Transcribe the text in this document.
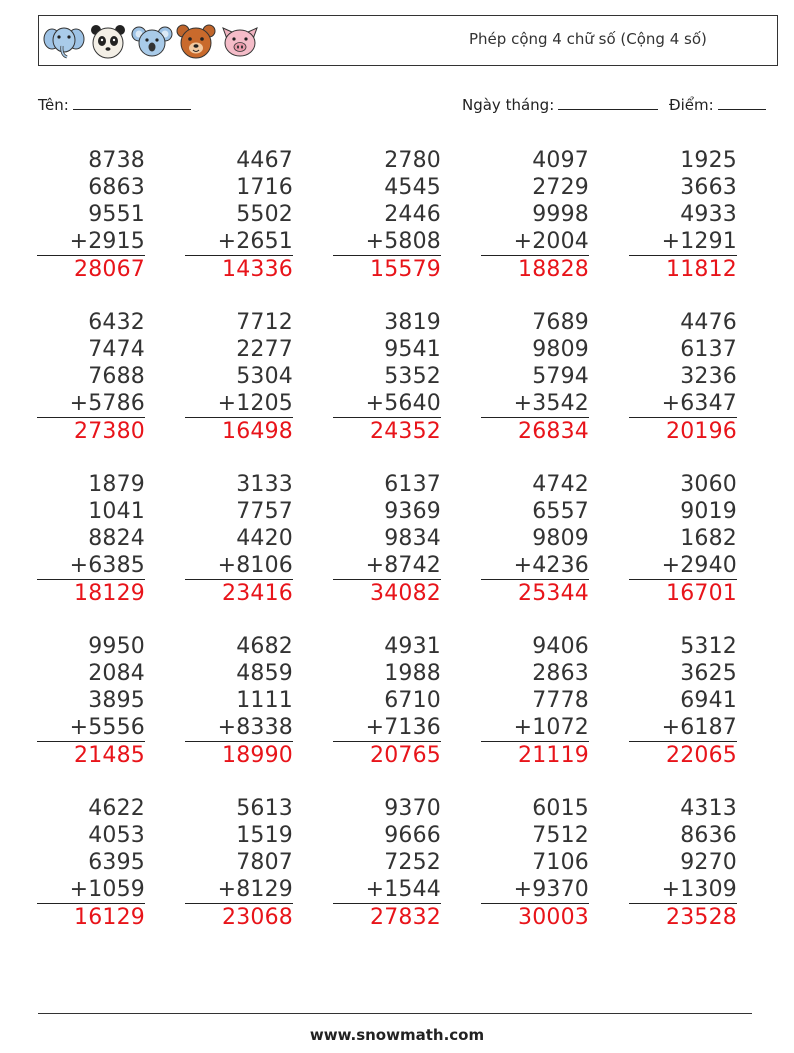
Phép cộng 4 chữ số (Cộng 4 số)
Tên:	Ngày tháng:	Điểm:
8738
6863
9551
+2915
28067
4467
1716
5502
+2651
14336
2780
4545
2446
+5808
15579
4097
2729
9998
+2004
18828
1925
3663
4933
+1291
11812
6432
7474
7688
+5786
27380
7712
2277
5304
+1205
16498
3819
9541
5352
+5640
24352
7689
9809
5794
+3542
26834
4476
6137
3236
+6347
20196
1879
1041
8824
+6385
18129
3133
7757
4420
+8106
23416
6137
9369
9834
+8742
34082
4742
6557
9809
+4236
25344
3060
9019
1682
+2940
16701
9950
2084
3895
+5556
21485
4682
4859
1111
+8338
18990
4931
1988
6710
+7136
20765
9406
2863
7778
+1072
21119
5312
3625
6941
+6187
22065
4622
4053
6395
+1059
16129
5613
1519
7807
+8129
23068
9370
9666
7252
+1544
27832
6015
7512
7106
+9370
30003
4313
8636
9270
+1309
23528
www.snowmath.com
